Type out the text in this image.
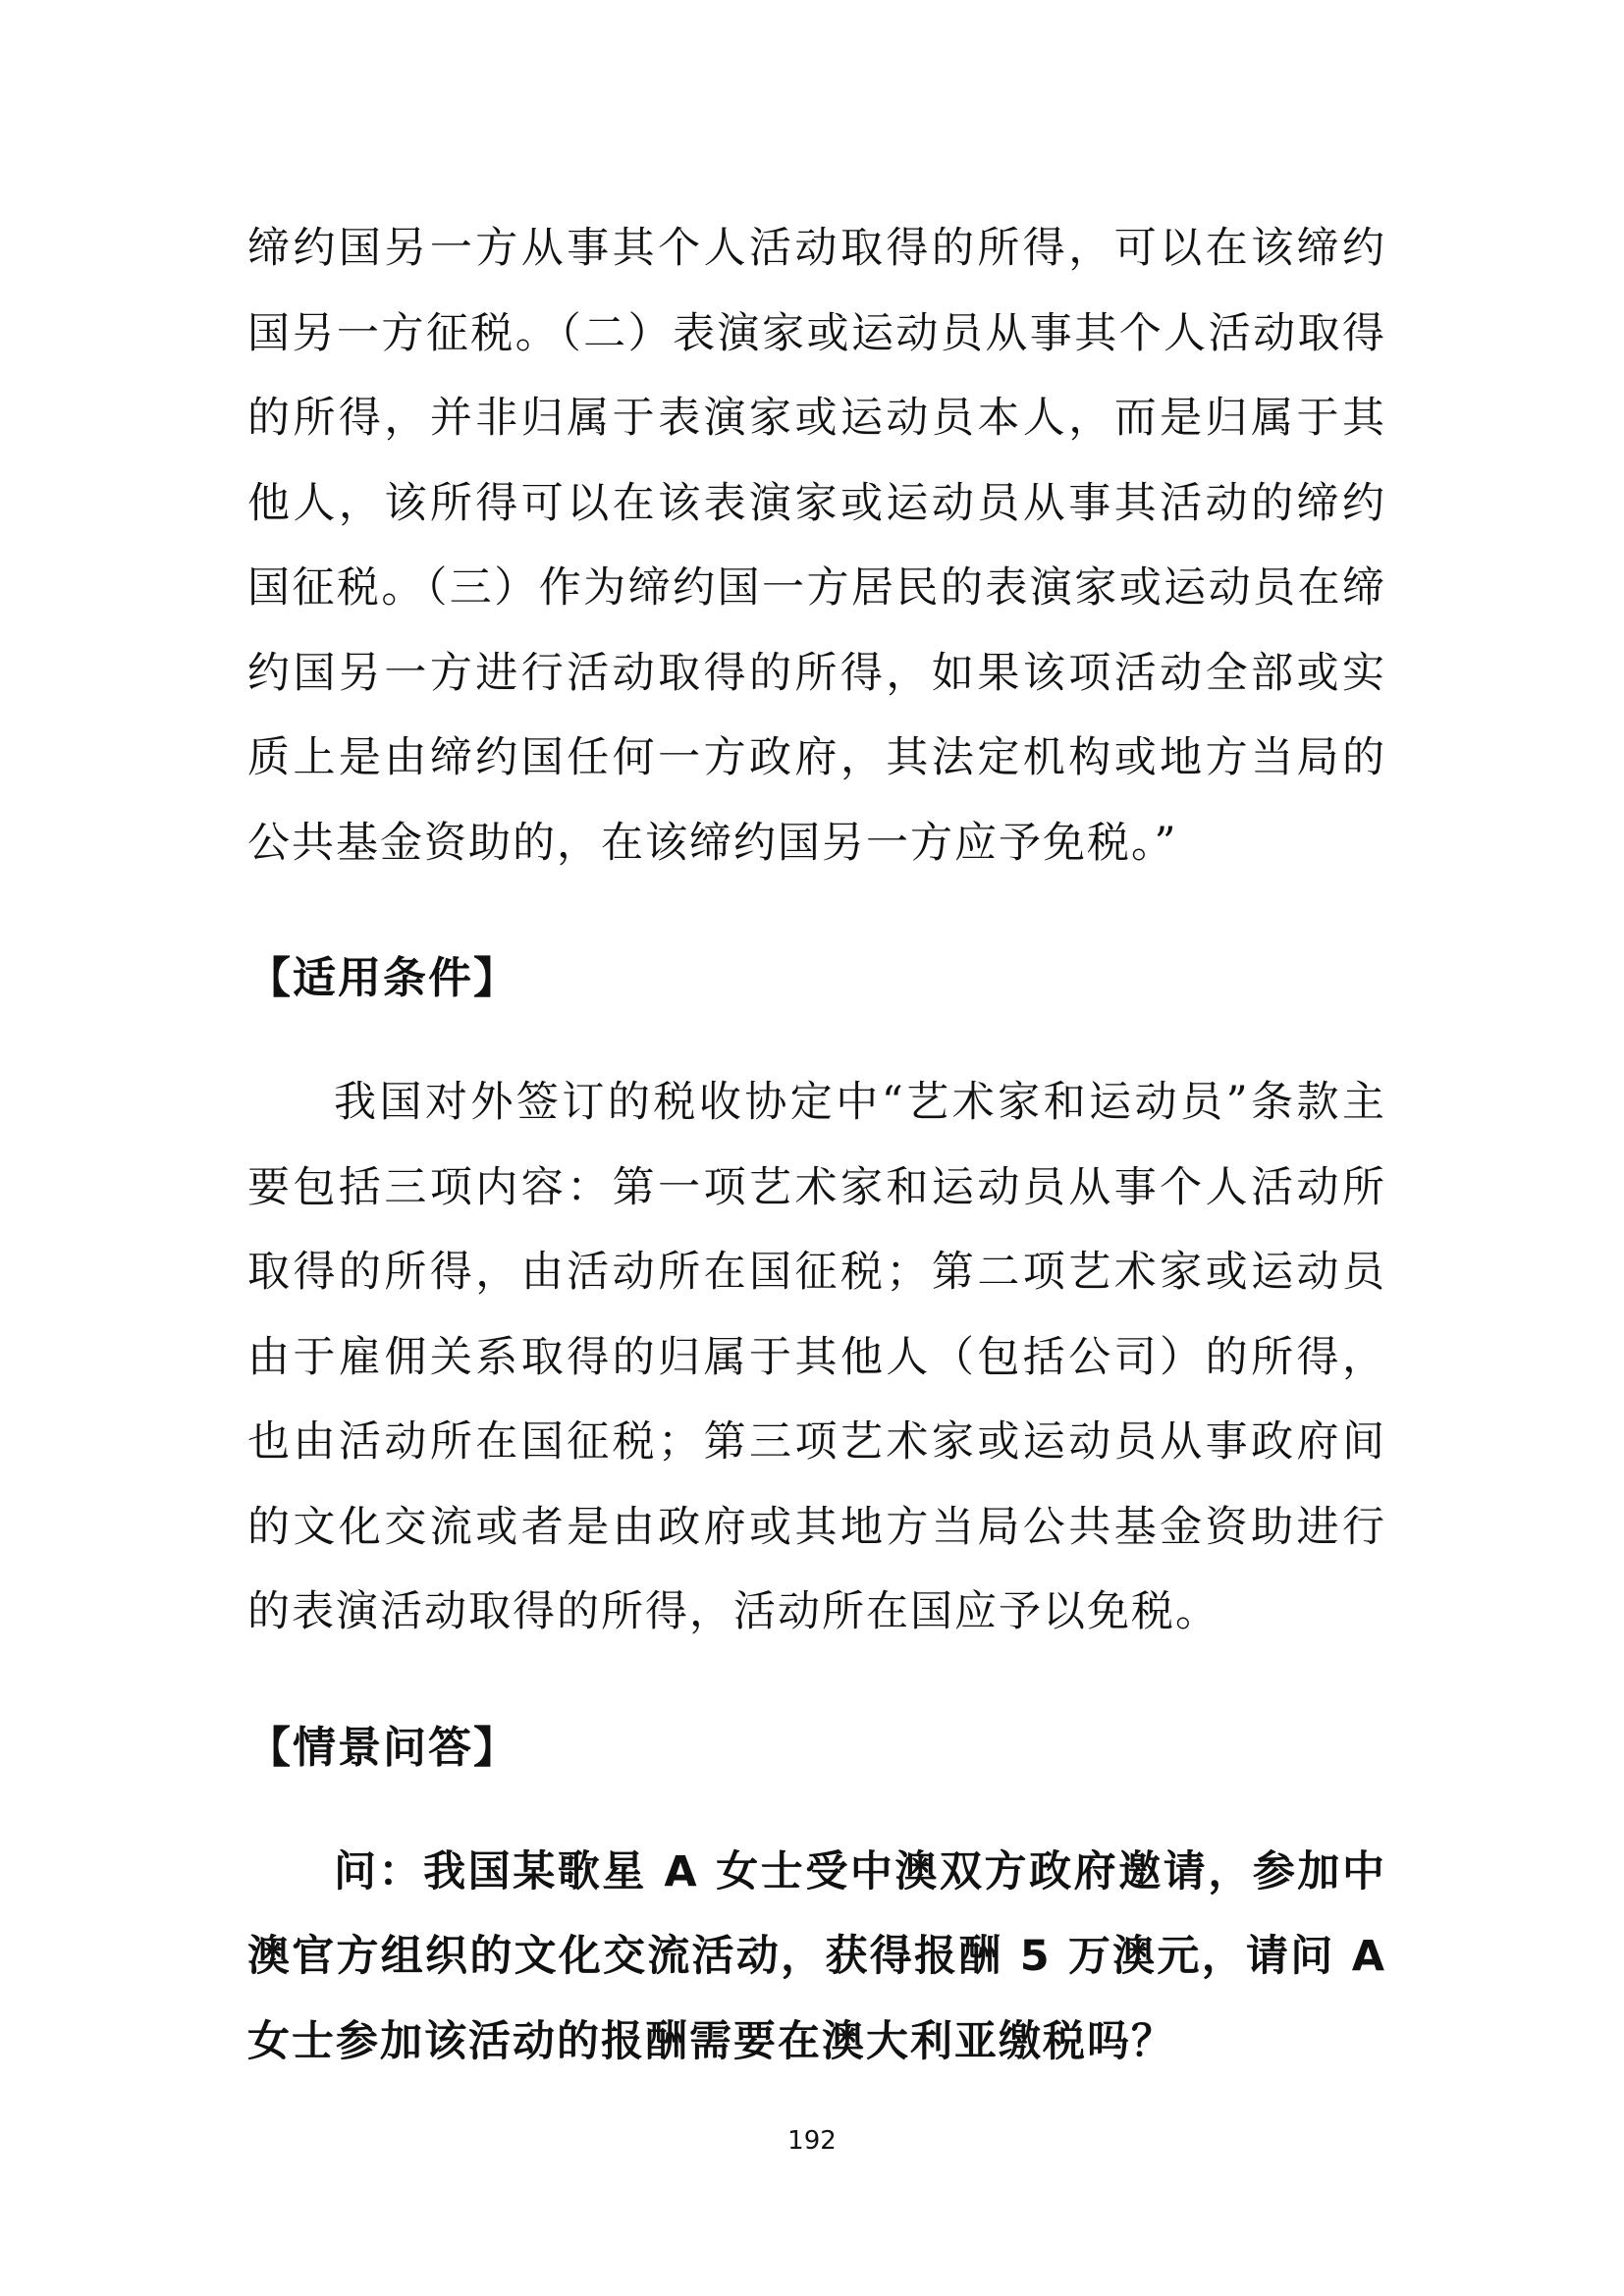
缔约国另一方从事其个人活动取得的所得，可以在该缔约国另一方征税。（二）表演家或运动员从事其个人活动取得的所得，并非归属于表演家或运动员本人，而是归属于其他人，该所得可以在该表演家或运动员从事其活动的缔约国征税。（三）作为缔约国一方居民的表演家或运动员在缔约国另一方进行活动取得的所得，如果该项活动全部或实质上是由缔约国任何一方政府，其法定机构或地方当局的公共基金资助的，在该缔约国另一方应予免税。”

【适用条件】

我国对外签订的税收协定中“艺术家和运动员”条款主要包括三项内容：第一项艺术家和运动员从事个人活动所取得的所得，由活动所在国征税；第二项艺术家或运动员由于雇佣关系取得的归属于其他人（包括公司）的所得，也由活动所在国征税；第三项艺术家或运动员从事政府间的文化交流或者是由政府或其地方当局公共基金资助进行的表演活动取得的所得，活动所在国应予以免税。

【情景问答】

问：我国某歌星 A 女士受中澳双方政府邀请，参加中澳官方组织的文化交流活动，获得报酬 5 万澳元，请问 A 女士参加该活动的报酬需要在澳大利亚缴税吗？

192
